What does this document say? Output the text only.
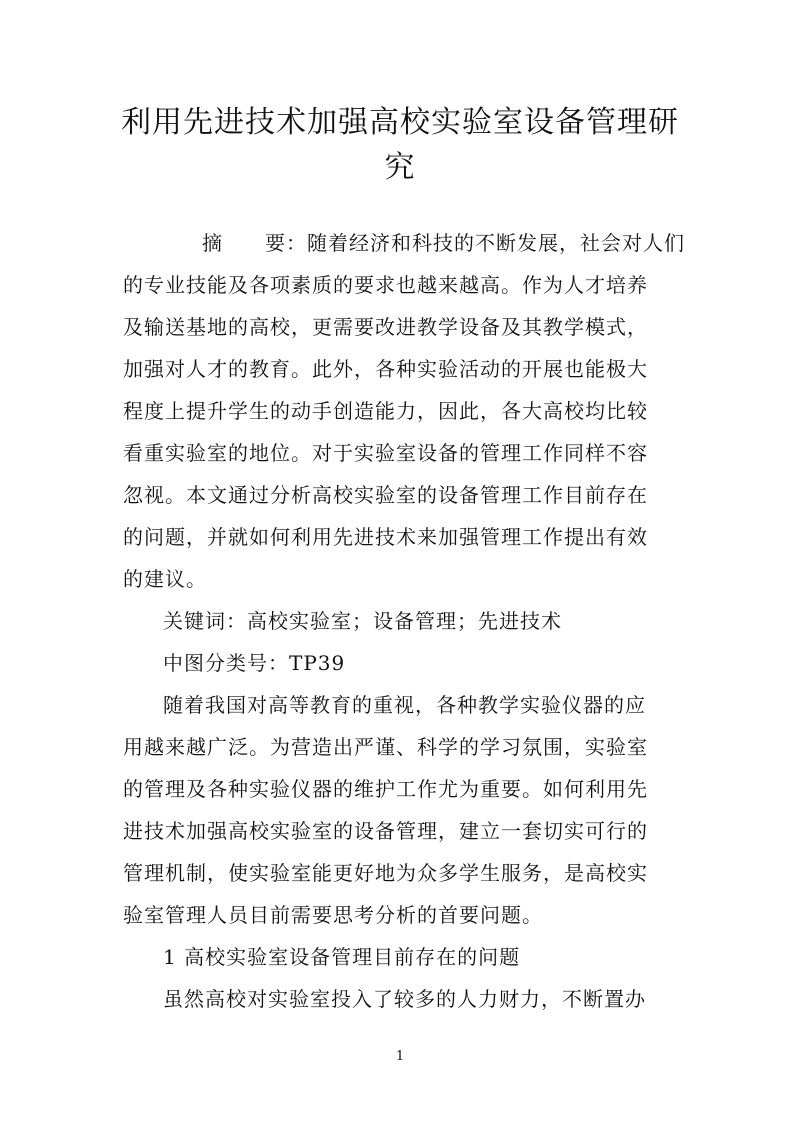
利用先进技术加强高校实验室设备管理研
究
摘　　要：随着经济和科技的不断发展，社会对人们
的专业技能及各项素质的要求也越来越高。作为人才培养
及输送基地的高校，更需要改进教学设备及其教学模式，
加强对人才的教育。此外，各种实验活动的开展也能极大
程度上提升学生的动手创造能力，因此，各大高校均比较
看重实验室的地位。对于实验室设备的管理工作同样不容
忽视。本文通过分析高校实验室的设备管理工作目前存在
的问题，并就如何利用先进技术来加强管理工作提出有效
的建议。
关键词：高校实验室；设备管理；先进技术
中图分类号：TP39
随着我国对高等教育的重视，各种教学实验仪器的应
用越来越广泛。为营造出严谨、科学的学习氛围，实验室
的管理及各种实验仪器的维护工作尤为重要。如何利用先
进技术加强高校实验室的设备管理，建立一套切实可行的
管理机制，使实验室能更好地为众多学生服务，是高校实
验室管理人员目前需要思考分析的首要问题。
1 高校实验室设备管理目前存在的问题
虽然高校对实验室投入了较多的人力财力，不断置办
1
